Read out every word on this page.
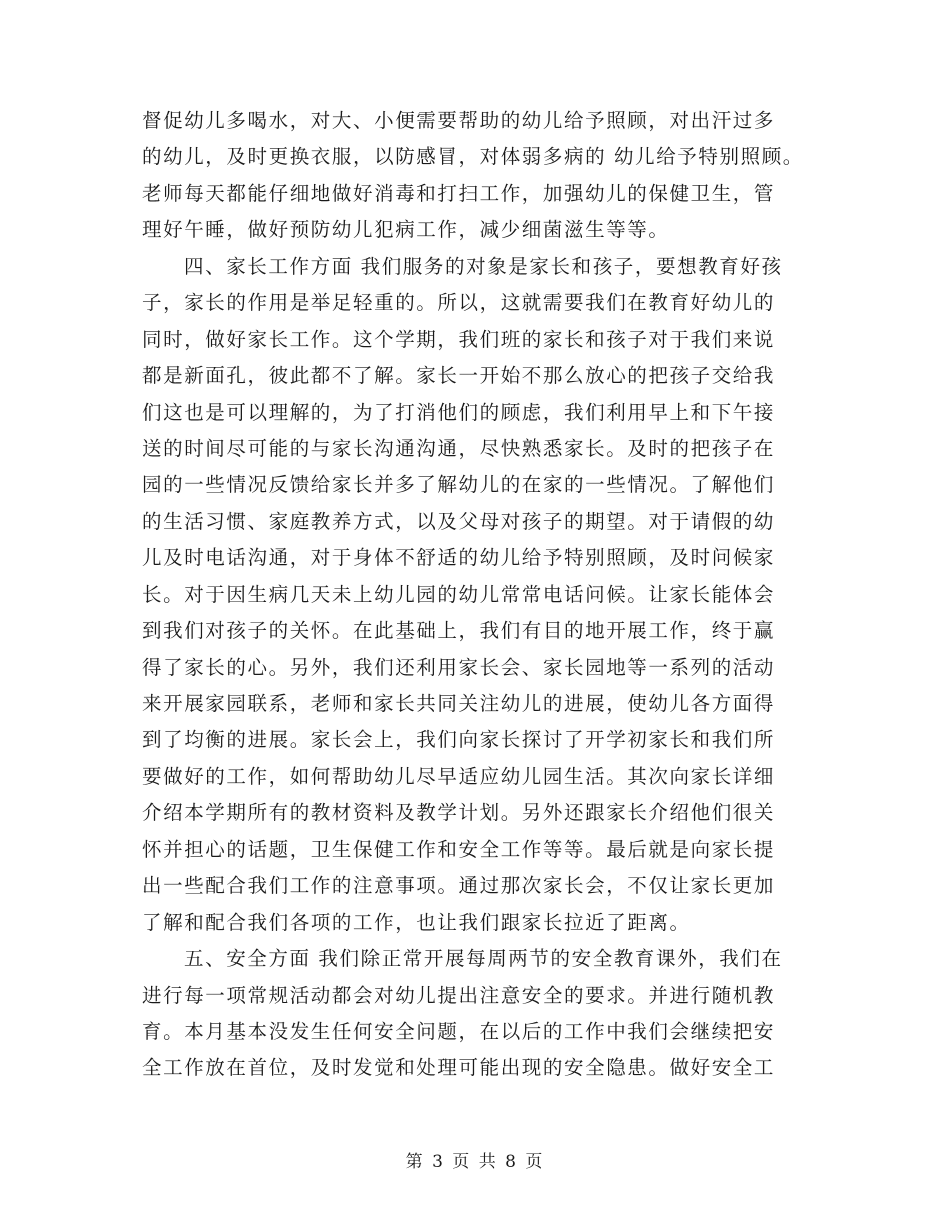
督促幼儿多喝水，对大、小便需要帮助的幼儿给予照顾，对出汗过多
的幼儿，及时更换衣服，以防感冒，对体弱多病的 幼儿给予特别照顾。
老师每天都能仔细地做好消毒和打扫工作，加强幼儿的保健卫生，管
理好午睡，做好预防幼儿犯病工作，减少细菌滋生等等。
四、家长工作方面 我们服务的对象是家长和孩子，要想教育好孩
子，家长的作用是举足轻重的。所以，这就需要我们在教育好幼儿的
同时，做好家长工作。这个学期，我们班的家长和孩子对于我们来说
都是新面孔，彼此都不了解。家长一开始不那么放心的把孩子交给我
们这也是可以理解的，为了打消他们的顾虑，我们利用早上和下午接
送的时间尽可能的与家长沟通沟通，尽快熟悉家长。及时的把孩子在
园的一些情况反馈给家长并多了解幼儿的在家的一些情况。了解他们
的生活习惯、家庭教养方式，以及父母对孩子的期望。对于请假的幼
儿及时电话沟通，对于身体不舒适的幼儿给予特别照顾，及时问候家
长。对于因生病几天未上幼儿园的幼儿常常电话问候。让家长能体会
到我们对孩子的关怀。在此基础上，我们有目的地开展工作，终于赢
得了家长的心。另外，我们还利用家长会、家长园地等一系列的活动
来开展家园联系，老师和家长共同关注幼儿的进展，使幼儿各方面得
到了均衡的进展。家长会上，我们向家长探讨了开学初家长和我们所
要做好的工作，如何帮助幼儿尽早适应幼儿园生活。其次向家长详细
介绍本学期所有的教材资料及教学计划。另外还跟家长介绍他们很关
怀并担心的话题，卫生保健工作和安全工作等等。最后就是向家长提
出一些配合我们工作的注意事项。通过那次家长会，不仅让家长更加
了解和配合我们各项的工作，也让我们跟家长拉近了距离。
五、安全方面 我们除正常开展每周两节的安全教育课外，我们在
进行每一项常规活动都会对幼儿提出注意安全的要求。并进行随机教
育。本月基本没发生任何安全问题，在以后的工作中我们会继续把安
全工作放在首位，及时发觉和处理可能出现的安全隐患。做好安全工
第 3 页 共 8 页
